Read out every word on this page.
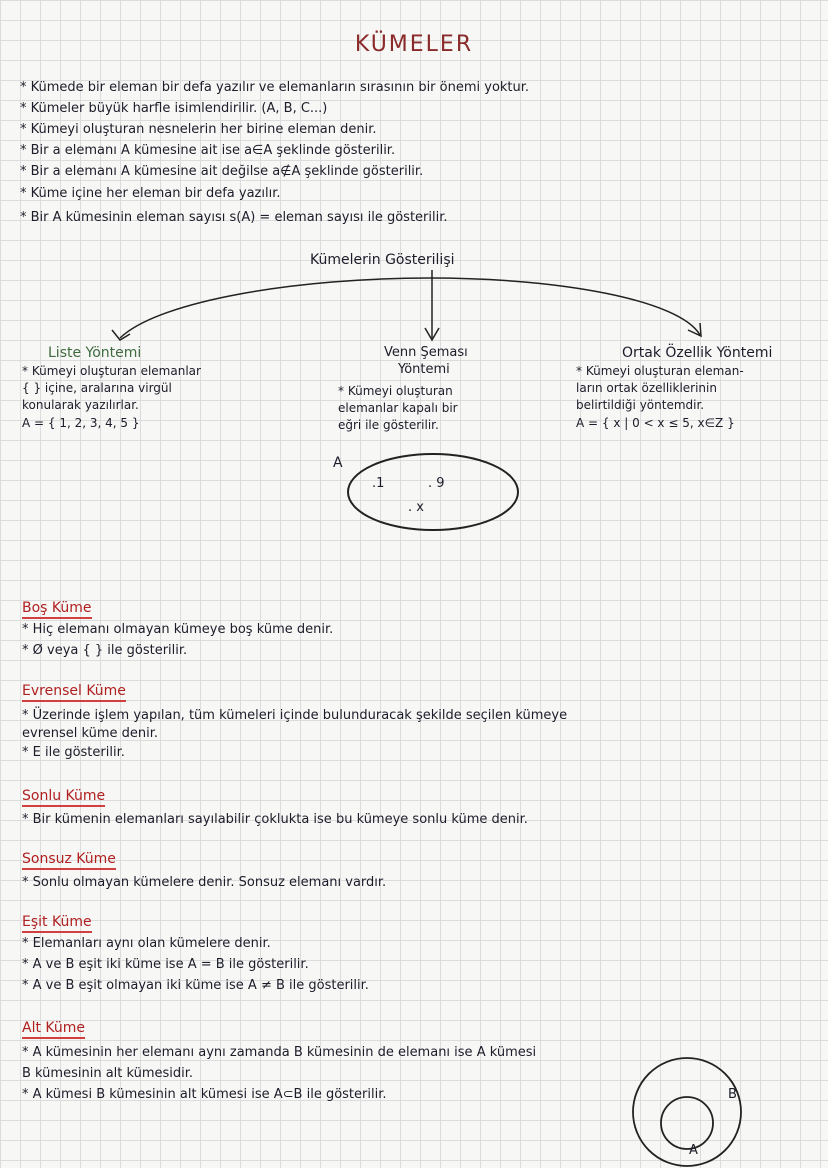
KÜMELER
* Kümede bir eleman bir defa yazılır ve elemanların sırasının bir önemi yoktur.
* Kümeler büyük harfle isimlendirilir. (A, B, C...)
* Kümeyi oluşturan nesnelerin her birine eleman denir.
* Bir a elemanı A kümesine ait ise a∈A şeklinde gösterilir.
* Bir a elemanı A kümesine ait değilse a∉A şeklinde gösterilir.
* Küme içine her eleman bir defa yazılır.
* Bir A kümesinin eleman sayısı s(A) = eleman sayısı ile gösterilir.
Kümelerin Gösterilişi
Liste Yöntemi
* Kümeyi oluşturan elemanlar
{ } içine, aralarına virgül
konularak yazılırlar.
A = { 1, 2, 3, 4, 5 }
Venn Şeması
Yöntemi
* Kümeyi oluşturan
elemanlar kapalı bir
eğri ile gösterilir.
A
.1	. 9
. x
Ortak Özellik Yöntemi
* Kümeyi oluşturan eleman-
ların ortak özelliklerinin
belirtildiği yöntemdir.
A = { x | 0 < x ≤ 5, x∈Z }
Boş Küme
* Hiç elemanı olmayan kümeye boş küme denir.
* Ø veya { } ile gösterilir.
Evrensel Küme
* Üzerinde işlem yapılan, tüm kümeleri içinde bulunduracak şekilde seçilen kümeye
evrensel küme denir.
* E ile gösterilir.
Sonlu Küme
* Bir kümenin elemanları sayılabilir çoklukta ise bu kümeye sonlu küme denir.
Sonsuz Küme
* Sonlu olmayan kümelere denir. Sonsuz elemanı vardır.
Eşit Küme
* Elemanları aynı olan kümelere denir.
* A ve B eşit iki küme ise A = B ile gösterilir.
* A ve B eşit olmayan iki küme ise A ≠ B ile gösterilir.
Alt Küme
* A kümesinin her elemanı aynı zamanda B kümesinin de elemanı ise A kümesi
B kümesinin alt kümesidir.
* A kümesi B kümesinin alt kümesi ise A⊂B ile gösterilir.	B
A
